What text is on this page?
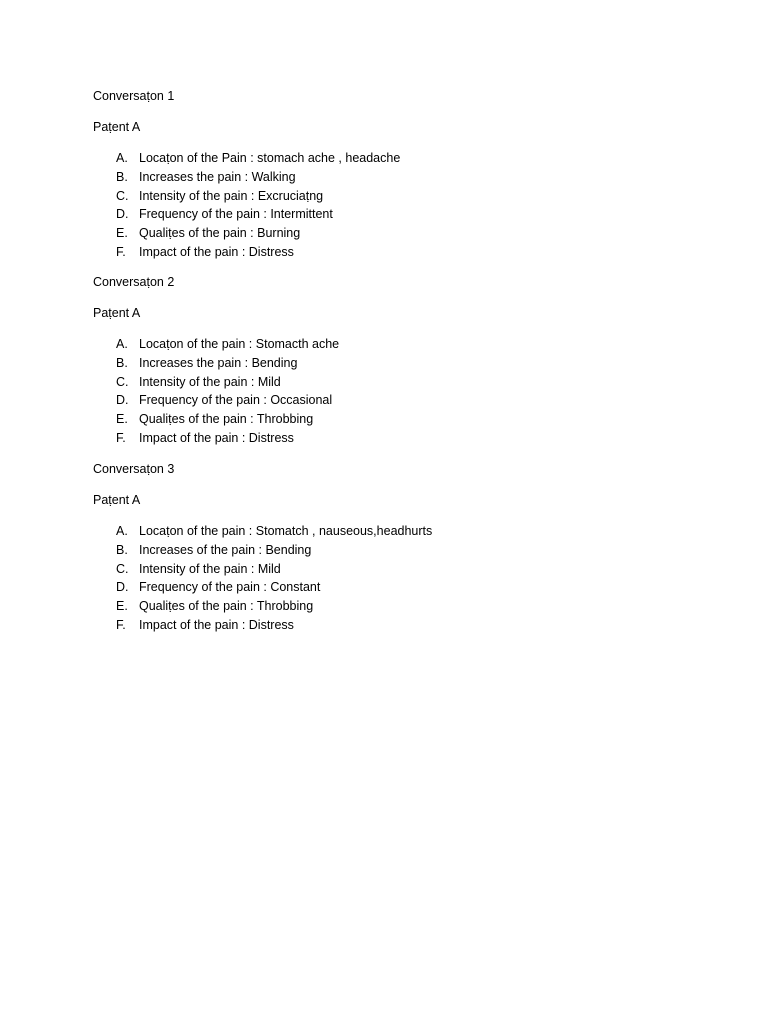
Conversaṭon 1
Paṭent A
A. Locaṭon of the Pain : stomach ache , headache
B. Increases the pain : Walking
C. Intensity of the pain : Excruciaṭng
D. Frequency of the pain : Intermittent
E. Qualiṭes of the pain : Burning
F. Impact of the pain : Distress
Conversaṭon 2
Paṭent A
A. Locaṭon of the pain : Stomacth ache
B. Increases the pain : Bending
C. Intensity of the pain : Mild
D. Frequency of the pain : Occasional
E. Qualiṭes of the pain : Throbbing
F. Impact of the pain : Distress
Conversaṭon 3
Paṭent A
A. Locaṭon of the pain : Stomatch , nauseous,headhurts
B. Increases of the pain : Bending
C. Intensity of the pain : Mild
D. Frequency of the pain : Constant
E. Qualiṭes of the pain : Throbbing
F. Impact of the pain : Distress
